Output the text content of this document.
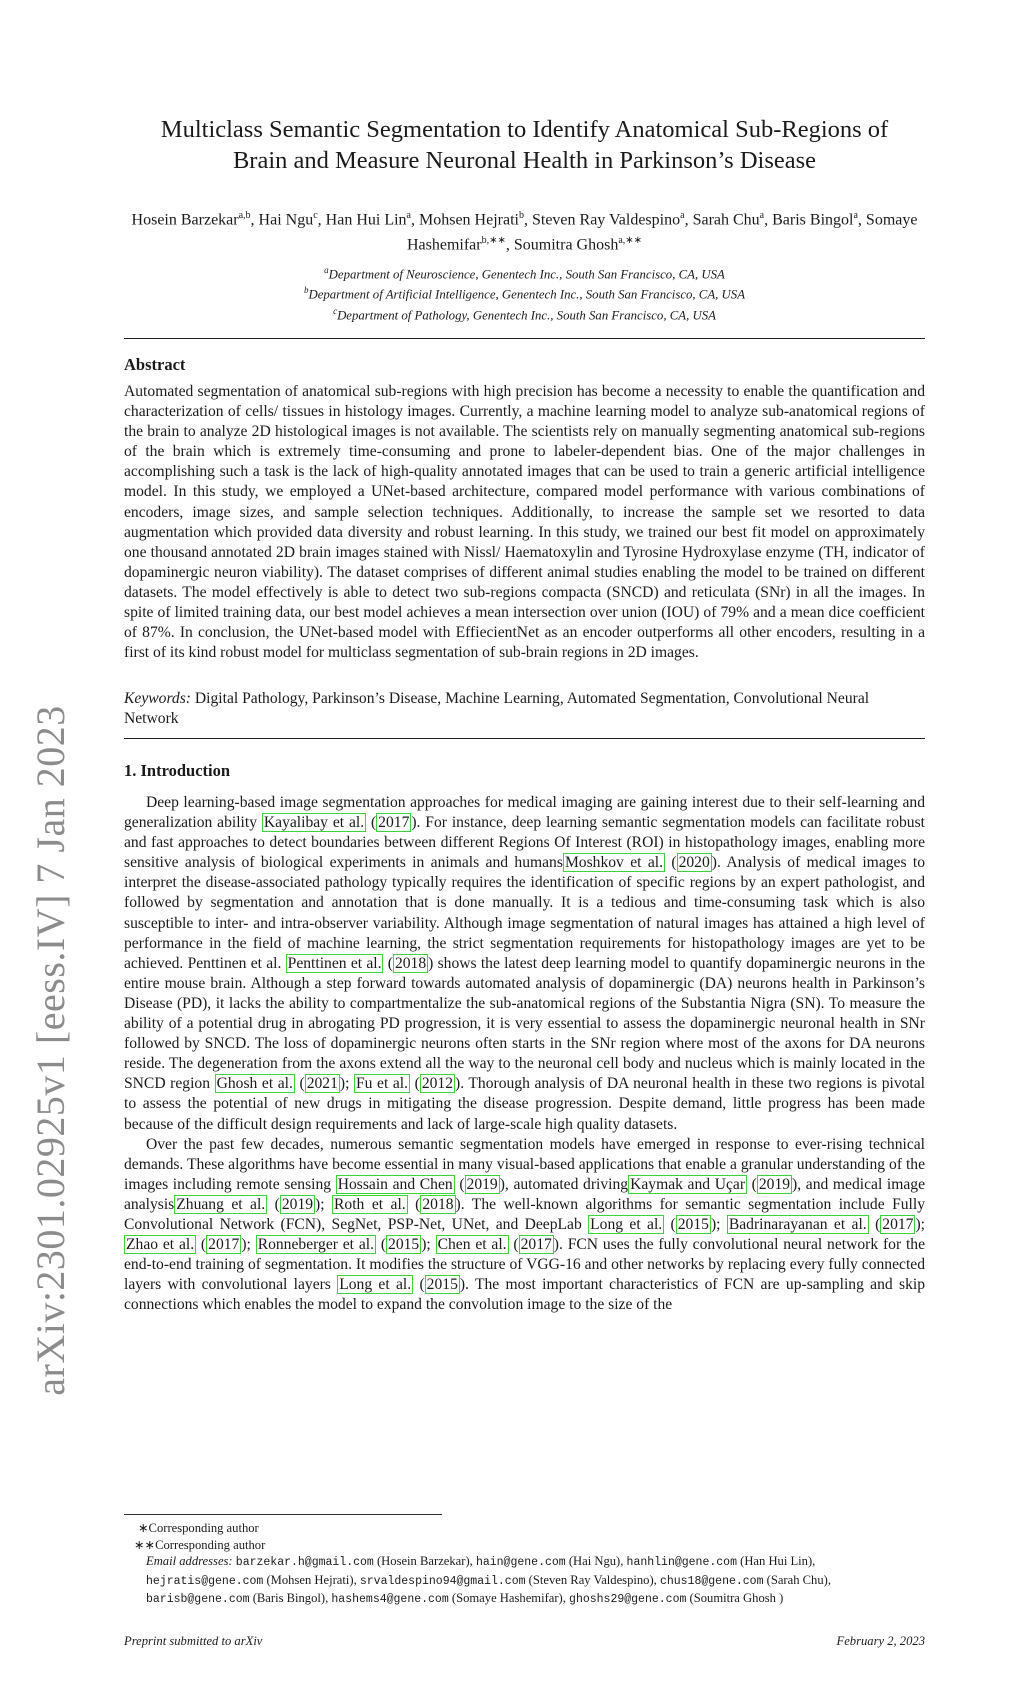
arXiv:2301.02925v1 [eess.IV] 7 Jan 2023
Multiclass Semantic Segmentation to Identify Anatomical Sub-Regions of
Brain and Measure Neuronal Health in Parkinson’s Disease
Hosein Barzekar$^{a,b}$, Hai Ngu$^c$, Han Hui Lin$^a$, Mohsen Hejrati$^b$, Steven Ray Valdespino$^a$, Sarah Chu$^a$, Baris Bingol$^a$, Somaye Hashemifar$^{b,∗∗}$, Soumitra Ghosh$^{a,∗∗}$
$^a$Department of Neuroscience, Genentech Inc., South San Francisco, CA, USA
$^b$Department of Artificial Intelligence, Genentech Inc., South San Francisco, CA, USA
$^c$Department of Pathology, Genentech Inc., South San Francisco, CA, USA
Abstract
Automated segmentation of anatomical sub-regions with high precision has become a necessity to enable the quantification and characterization of cells/ tissues in histology images. Currently, a machine learning model to analyze sub-anatomical regions of the brain to analyze 2D histological images is not available. The scientists rely on manually segmenting anatomical sub-regions of the brain which is extremely time-consuming and prone to labeler-dependent bias. One of the major challenges in accomplishing such a task is the lack of high-quality annotated images that can be used to train a generic artificial intelligence model. In this study, we employed a UNet-based architecture, compared model performance with various combinations of encoders, image sizes, and sample selection techniques. Additionally, to increase the sample set we resorted to data augmentation which provided data diversity and robust learning. In this study, we trained our best fit model on approximately one thousand annotated 2D brain images stained with Nissl/ Haematoxylin and Tyrosine Hydroxylase enzyme (TH, indicator of dopaminergic neuron viability). The dataset comprises of different animal studies enabling the model to be trained on different datasets. The model effectively is able to detect two sub-regions compacta (SNCD) and reticulata (SNr) in all the images. In spite of limited training data, our best model achieves a mean intersection over union (IOU) of 79% and a mean dice coefficient of 87%. In conclusion, the UNet-based model with EffiecientNet as an encoder outperforms all other encoders, resulting in a first of its kind robust model for multiclass segmentation of sub-brain regions in 2D images.
Keywords: Digital Pathology, Parkinson’s Disease, Machine Learning, Automated Segmentation, Convolutional Neural Network
1. Introduction

Deep learning-based image segmentation approaches for medical imaging are gaining interest due to their self-learning and generalization ability Kayalibay et al. ( 2017 ). For instance, deep learning semantic segmentation models can facilitate robust and fast approaches to detect boundaries between different Regions Of Interest (ROI) in histopathology images, enabling more sensitive analysis of biological experiments in animals and humans Moshkov et al. ( 2020 ). Analysis of medical images to interpret the disease-associated pathology typically requires the identification of specific regions by an expert pathologist, and followed by segmentation and annotation that is done manually. It is a tedious and time-consuming task which is also susceptible to inter- and intra-observer variability. Although image segmentation of natural images has attained a high level of performance in the field of machine learning, the strict segmentation requirements for histopathology images are yet to be achieved. Penttinen et al. Penttinen et al. ( 2018 ) shows the latest deep learning model to quantify dopaminergic neurons in the entire mouse brain. Although a step forward towards automated analysis of dopaminergic (DA) neurons health in Parkinson’s Disease (PD), it lacks the ability to compartmentalize the sub-anatomical regions of the Substantia Nigra (SN). To measure the ability of a potential drug in abrogating PD progression, it is very essential to assess the dopaminergic neuronal health in SNr followed by SNCD. The loss of dopaminergic neurons often starts in the SNr region where most of the axons for DA neurons reside. The degeneration from the axons extend all the way to the neuronal cell body and nucleus which is mainly located in the SNCD region Ghosh et al. ( 2021 ); Fu et al. ( 2012 ). Thorough analysis of DA neuronal health in these two regions is pivotal to assess the potential of new drugs in mitigating the disease progression. Despite demand, little progress has been made because of the difficult design requirements and lack of large-scale high quality datasets.

Over the past few decades, numerous semantic segmentation models have emerged in response to ever-rising technical demands. These algorithms have become essential in many visual-based applications that enable a granular understanding of the images including remote sensing Hossain and Chen ( 2019 ), automated driving Kaymak and Uçar ( 2019 ), and medical image analysis Zhuang et al. ( 2019 ); Roth et al. ( 2018 ). The well-known algorithms for semantic segmentation include Fully Convolutional Network (FCN), SegNet, PSP-Net, UNet, and DeepLab Long et al. ( 2015 ); Badrinarayanan et al. ( 2017 ); Zhao et al. ( 2017 ); Ronneberger et al. ( 2015 ); Chen et al. ( 2017 ). FCN uses the fully convolutional neural network for the end-to-end training of segmentation. It modifies the structure of VGG-16 and other networks by replacing every fully connected layers with convolutional layers Long et al. ( 2015 ). The most important characteristics of FCN are up-sampling and skip connections which enables the model to expand the convolution image to the size of the

∗Corresponding author
∗∗Corresponding author
Email addresses: barzekar.h@gmail.com (Hosein Barzekar), hain@gene.com (Hai Ngu), hanhlin@gene.com (Han Hui Lin), hejratis@gene.com (Mohsen Hejrati), srvaldespino94@gmail.com (Steven Ray Valdespino), chus18@gene.com (Sarah Chu), barisb@gene.com (Baris Bingol), hashems4@gene.com (Somaye Hashemifar), ghoshs29@gene.com (Soumitra Ghosh )
Preprint submitted to arXiv	February 2, 2023
